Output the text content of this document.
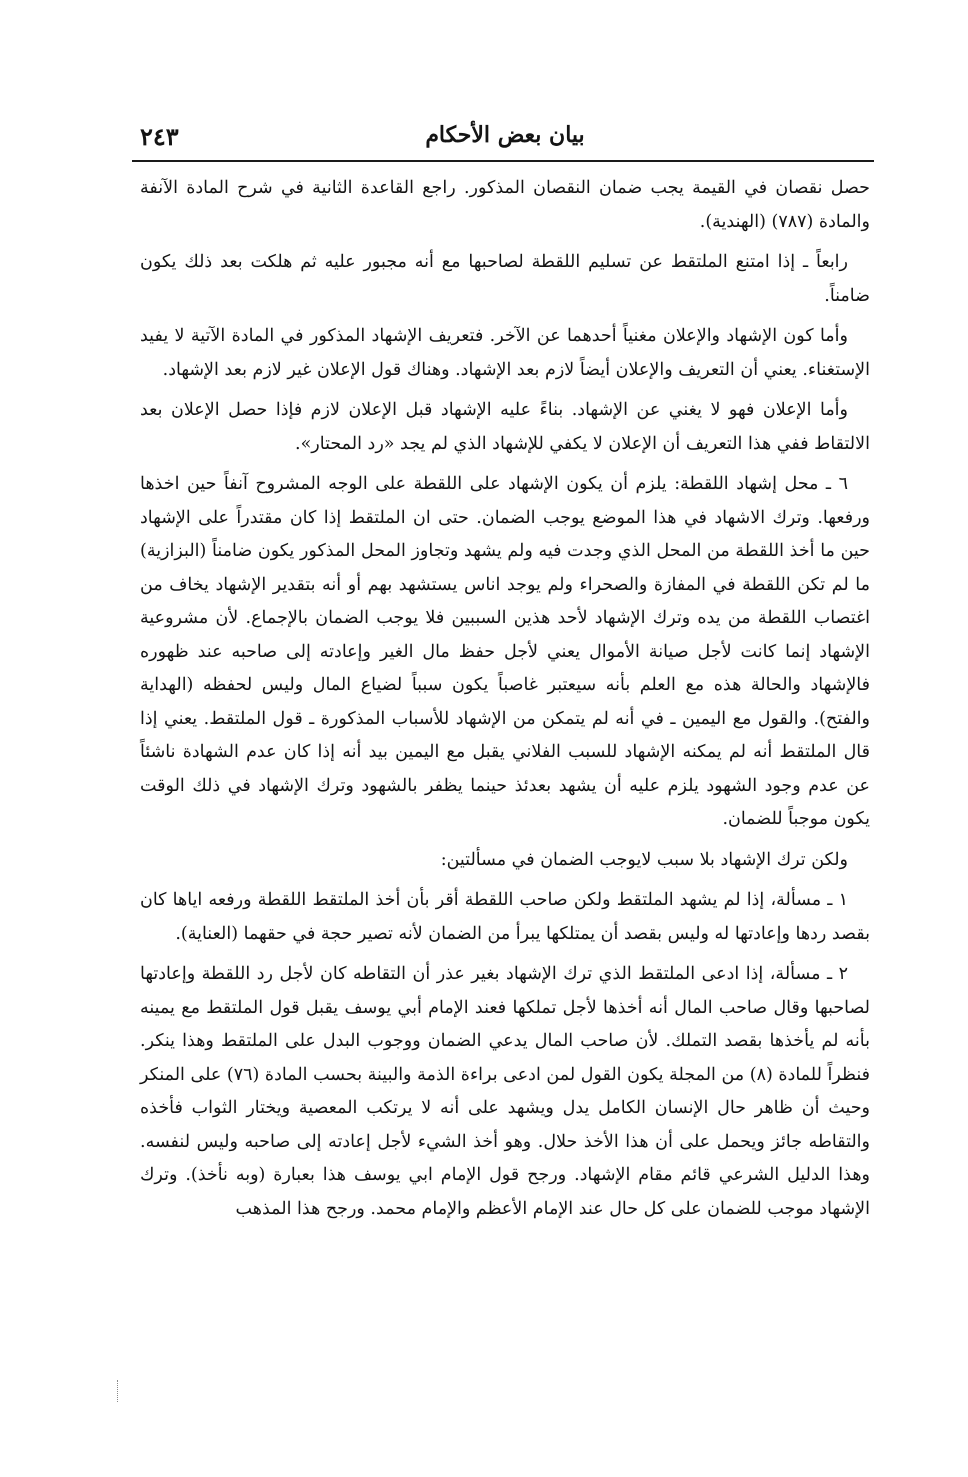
بيان بعض الأحكام
٢٤٣

حصل نقصان في القيمة يجب ضمان النقصان المذكور. راجع القاعدة الثانية في شرح المادة الآنفة والمادة (٧٨٧) (الهندية).

رابعاً ـ إذا امتنع الملتقط عن تسليم اللقطة لصاحبها مع أنه مجبور عليه ثم هلكت بعد ذلك يكون ضامناً.

وأما كون الإشهاد والإعلان مغنياً أحدهما عن الآخر. فتعريف الإشهاد المذكور في المادة الآتية لا يفيد الإستغناء. يعني أن التعريف والإعلان أيضاً لازم بعد الإشهاد. وهناك قول الإعلان غير لازم بعد الإشهاد.

وأما الإعلان فهو لا يغني عن الإشهاد. بناءً عليه الإشهاد قبل الإعلان لازم فإذا حصل الإعلان بعد الالتقاط ففي هذا التعريف أن الإعلان لا يكفي للإشهاد الذي لم يجد «رد المحتار».

٦ ـ محل إشهاد اللقطة: يلزم أن يكون الإشهاد على اللقطة على الوجه المشروح آنفاً حين اخذها ورفعها. وترك الاشهاد في هذا الموضع يوجب الضمان. حتى ان الملتقط إذا كان مقتدراً على الإشهاد حين ما أخذ اللقطة من المحل الذي وجدت فيه ولم يشهد وتجاوز المحل المذكور يكون ضامناً (البزازية) ما لم تكن اللقطة في المفازة والصحراء ولم يوجد اناس يستشهد بهم أو أنه بتقدير الإشهاد يخاف من اغتصاب اللقطة من يده وترك الإشهاد لأحد هذين السببين فلا يوجب الضمان بالإجماع. لأن مشروعية الإشهاد إنما كانت لأجل صيانة الأموال يعني لأجل حفظ مال الغير وإعادته إلى صاحبه عند ظهوره فالإشهاد والحالة هذه مع العلم بأنه سيعتبر غاصباً يكون سبباً لضياع المال وليس لحفظه (الهداية والفتح). والقول مع اليمين ـ في أنه لم يتمكن من الإشهاد للأسباب المذكورة ـ قول الملتقط. يعني إذا قال الملتقط أنه لم يمكنه الإشهاد للسبب الفلاني يقبل مع اليمين بيد أنه إذا كان عدم الشهادة ناشئاً عن عدم وجود الشهود يلزم عليه أن يشهد بعدئذ حينما يظفر بالشهود وترك الإشهاد في ذلك الوقت يكون موجباً للضمان.

ولكن ترك الإشهاد بلا سبب لايوجب الضمان في مسألتين:

١ ـ مسألة، إذا لم يشهد الملتقط ولكن صاحب اللقطة أقر بأن أخذ الملتقط اللقطة ورفعه اياها كان بقصد ردها وإعادتها له وليس بقصد أن يمتلكها يبرأ من الضمان لأنه تصير حجة في حقهما (العناية).

٢ ـ مسألة، إذا ادعى الملتقط الذي ترك الإشهاد بغير عذر أن التقاطه كان لأجل رد اللقطة وإعادتها لصاحبها وقال صاحب المال أنه أخذها لأجل تملكها فعند الإمام أبي يوسف يقبل قول الملتقط مع يمينه بأنه لم يأخذها بقصد التملك. لأن صاحب المال يدعي الضمان ووجوب البدل على الملتقط وهذا ينكر. فنظراً للمادة (٨) من المجلة يكون القول لمن ادعى براءة الذمة والبينة بحسب المادة (٧٦) على المنكر وحيث أن ظاهر حال الإنسان الكامل يدل ويشهد على أنه لا يرتكب المعصية ويختار الثواب فأخذه والتقاطه جائز ويحمل على أن هذا الأخذ حلال. وهو أخذ الشيء لأجل إعادته إلى صاحبه وليس لنفسه. وهذا الدليل الشرعي قائم مقام الإشهاد. ورجح قول الإمام ابي يوسف هذا بعبارة (وبه نأخذ). وترك الإشهاد موجب للضمان على كل حال عند الإمام الأعظم والإمام محمد. ورجح هذا المذهب
